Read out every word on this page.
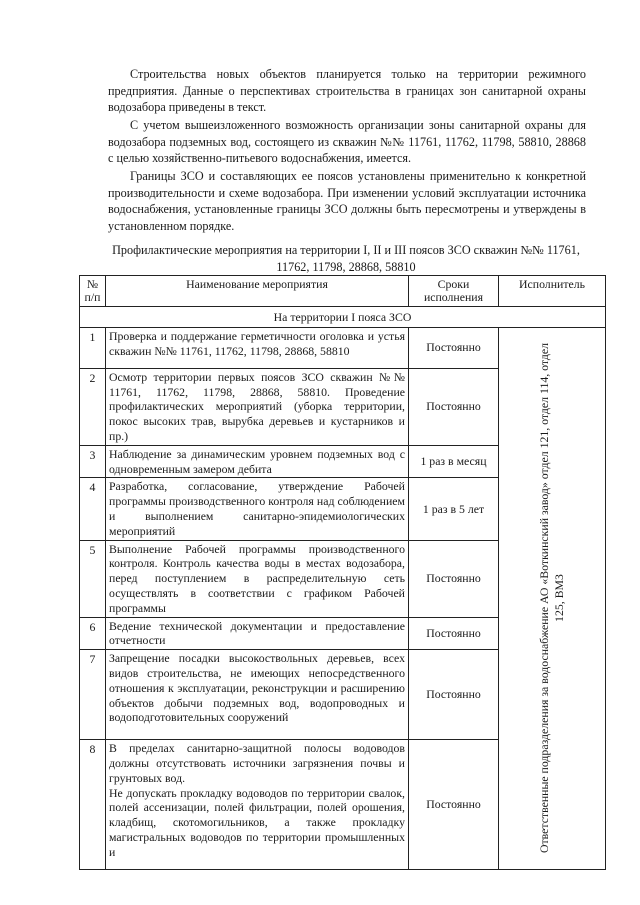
Строительства новых объектов планируется только на территории режимного предприятия. Данные о перспективах строительства в границах зон санитарной охраны водозабора приведены в текст.

С учетом вышеизложенного возможность организации зоны санитарной охраны для водозабора подземных вод, состоящего из скважин №№ 11761, 11762, 11798, 58810, 28868 с целью хозяйственно-питьевого водоснабжения, имеется.

Границы ЗСО и составляющих ее поясов установлены применительно к конкретной производительности и схеме водозабора. При изменении условий эксплуатации источника водоснабжения, установленные границы ЗСО должны быть пересмотрены и утверждены в установленном порядке.

Профилактические мероприятия на территории I, II и III поясов ЗСО скважин №№ 11761,
11762, 11798, 28868, 58810
№ п/п	Наименование мероприятия	Сроки исполнения	Исполнитель
На территории I пояса ЗСО			
1	Проверка и поддержание герметичности оголовка и устья скважин №№ 11761, 11762, 11798, 28868, 58810	Постоянно	Ответственные подразделения за водоснабжение АО «Воткинский завод» отдел 121, отдел 114, отдел 125, ВМЗ

2	Осмотр территории первых поясов ЗСО скважин №№ 11761, 11762, 11798, 28868, 58810. Проведение профилактических мероприятий (уборка территории, покос высоких трав, вырубка деревьев и кустарников и пр.)	Постоянно	
3	Наблюдение за динамическим уровнем подземных вод с одновременным замером дебита	1 раз в месяц	
4	Разработка, согласование, утверждение Рабочей программы производственного контроля над соблюдением и выполнением санитарно-эпидемиологических мероприятий	1 раз в 5 лет	
5	Выполнение Рабочей программы производственного контроля. Контроль качества воды в местах водозабора, перед поступлением в распределительную сеть осуществлять в соответствии с графиком Рабочей программы	Постоянно	
6	Ведение технической документации и предоставление отчетности	Постоянно	
7	Запрещение посадки высокоствольных деревьев, всех видов строительства, не имеющих непосредственного отношения к эксплуатации, реконструкции и расширению объектов добычи подземных вод, водопроводных и водоподготовительных сооружений	Постоянно	
8	В пределах санитарно-защитной полосы водоводов должны отсутствовать источники загрязнения почвы и грунтовых вод.
Не допускать прокладку водоводов по территории свалок, полей ассенизации, полей фильтрации, полей орошения, кладбищ, скотомогильников, а также прокладку магистральных водоводов по территории промышленных и	Постоянно	
